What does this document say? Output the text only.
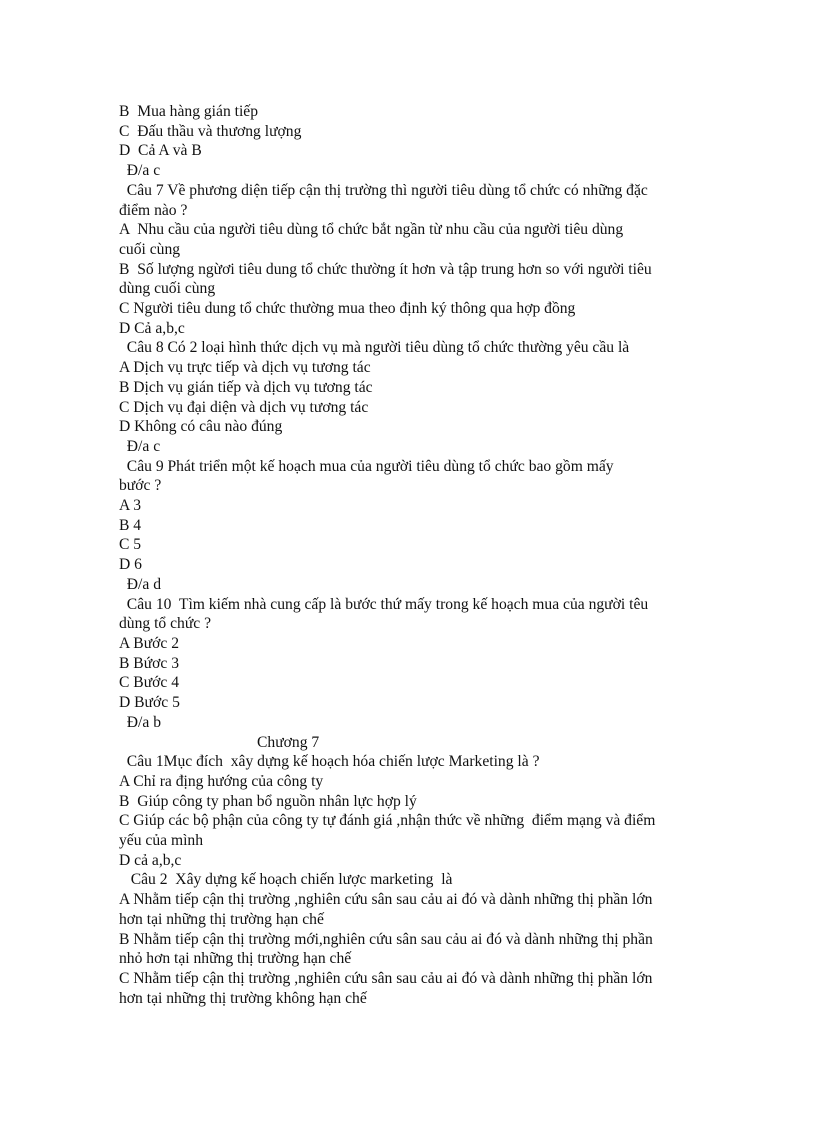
B  Mua hàng gián tiếp

C  Đấu thầu và thương lượng

D  Cả A và B

Đ/a c

Câu 7 Về phương diện tiếp cận thị trường thì người tiêu dùng tổ chức có những đặc

điểm nào ?

A  Nhu cầu của người tiêu dùng tổ chức bắt ngần từ nhu cầu của người tiêu dùng

cuối cùng

B  Số lượng ngừơi tiêu dung tổ chức thường ít hơn và tập trung hơn so với người tiêu

dùng cuối cùng

C Người tiêu dung tổ chức thường mua theo định ký thông qua hợp đồng

D Cả a,b,c

Câu 8 Có 2 loại hình thức dịch vụ mà người tiêu dùng tổ chức thường yêu cầu là

A Dịch vụ trực tiếp và dịch vụ tương tác

B Dịch vụ gián tiếp và dịch vụ tương tác

C Dịch vụ đại diện và dịch vụ tương tác

D Không có câu nào đúng

Đ/a c

Câu 9 Phát triển một kế hoạch mua của người tiêu dùng tổ chức bao gồm mấy

bước ?

A 3

B 4

C 5

D 6

Đ/a d

Câu 10  Tìm kiếm nhà cung cấp là bước thứ mấy trong kế hoạch mua của người têu

dùng tổ chức ?

A Bước 2

B Bứơc 3

C Bước 4

D Bước 5

Đ/a b

Chương 7

Câu 1Mục đích  xây dựng kế hoạch hóa chiến lược Marketing là ?

A Chỉ ra địng hướng của công ty

B  Giúp công ty phan bổ nguồn nhân lực hợp lý

C Giúp các bộ phận của công ty tự đánh giá ,nhận thức về những  điểm mạng và điểm

yếu của mình

D cả a,b,c

Câu 2  Xây dựng kế hoạch chiến lược marketing  là

A Nhằm tiếp cận thị trường ,nghiên cứu sân sau cảu ai đó và dành những thị phần lớn

hơn tại những thị trường hạn chế

B Nhằm tiếp cận thị trường mới,nghiên cứu sân sau cảu ai đó và dành những thị phần

nhỏ hơn tại những thị trường hạn chế

C Nhằm tiếp cận thị trường ,nghiên cứu sân sau cảu ai đó và dành những thị phần lớn

hơn tại những thị trường không hạn chế
